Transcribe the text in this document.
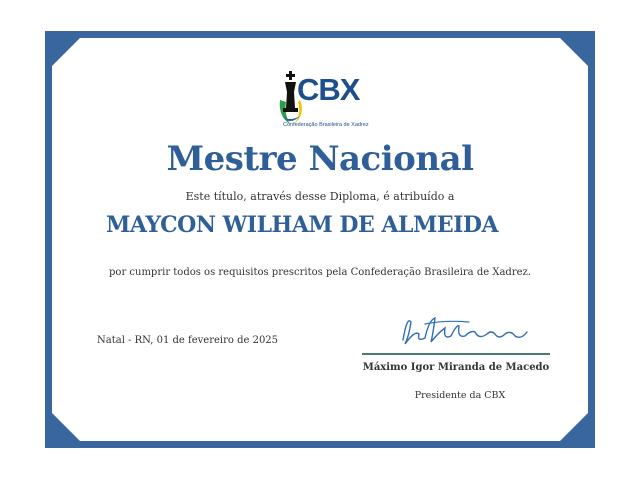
CBX
Confederação Brasileira de Xadrez
Mestre Nacional
Este título, através desse Diploma, é atribuído a
MAYCON WILHAM DE ALMEIDA
por cumprir todos os requisitos prescritos pela Confederação Brasileira de Xadrez.
Natal - RN, 01 de fevereiro de 2025
Máximo Igor Miranda de Macedo
Presidente da CBX
